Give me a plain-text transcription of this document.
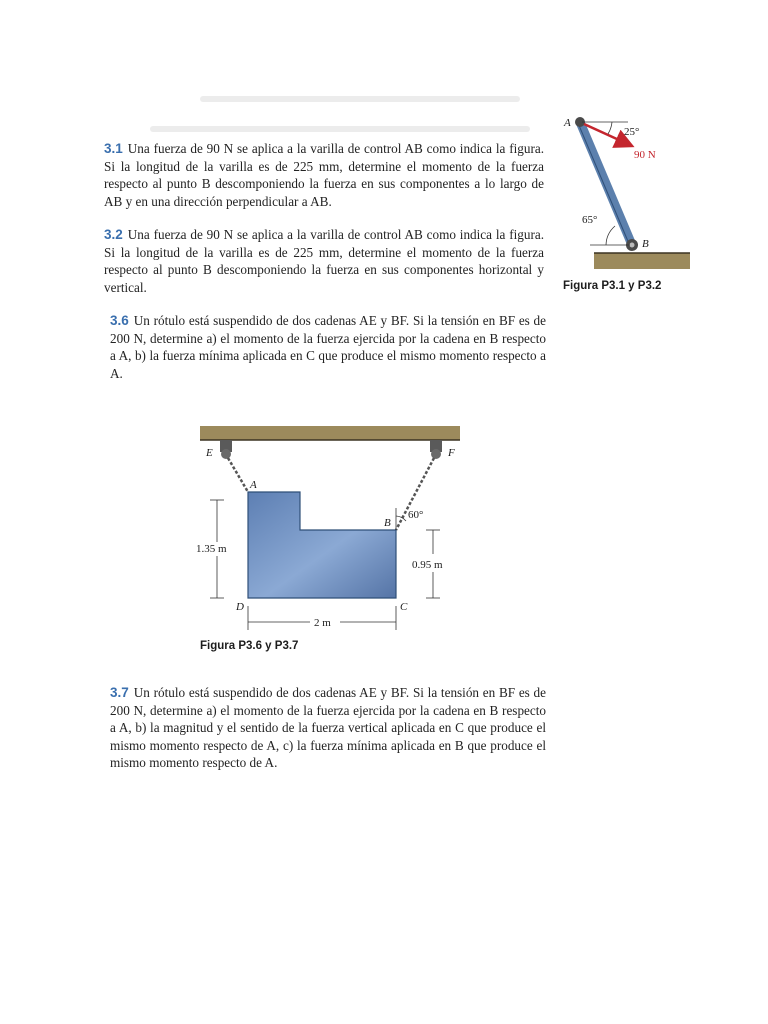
3.1 Una fuerza de 90 N se aplica a la varilla de control AB como indica la figura. Si la longitud de la varilla es de 225 mm, determine el momento de la fuerza respecto al punto B descomponiendo la fuerza en sus componentes a lo largo de AB y en una dirección perpendicular a AB.

3.2 Una fuerza de 90 N se aplica a la varilla de control AB como indica la figura. Si la longitud de la varilla es de 225 mm, determine el momento de la fuerza respecto al punto B descomponiendo la fuerza en sus componentes horizontal y vertical.

3.6 Un rótulo está suspendido de dos cadenas AE y BF. Si la tensión en BF es de 200 N, determine a) el momento de la fuerza ejercida por la cadena en B respecto a A, b) la fuerza mínima aplicada en C que produce el mismo momento respecto a A.

3.7 Un rótulo está suspendido de dos cadenas AE y BF. Si la tensión en BF es de 200 N, determine a) el momento de la fuerza ejercida por la cadena en B respecto a A, b) la magnitud y el sentido de la fuerza vertical aplicada en C que produce el mismo momento respecto de A, c) la fuerza mínima aplicada en B que produce el mismo momento respecto de A.

A
B
25°
90 N
65°
Figura P3.1 y P3.2
E	F
A
B
C
D
60°
1.35 m
0.95 m
2 m
Figura P3.6 y P3.7
